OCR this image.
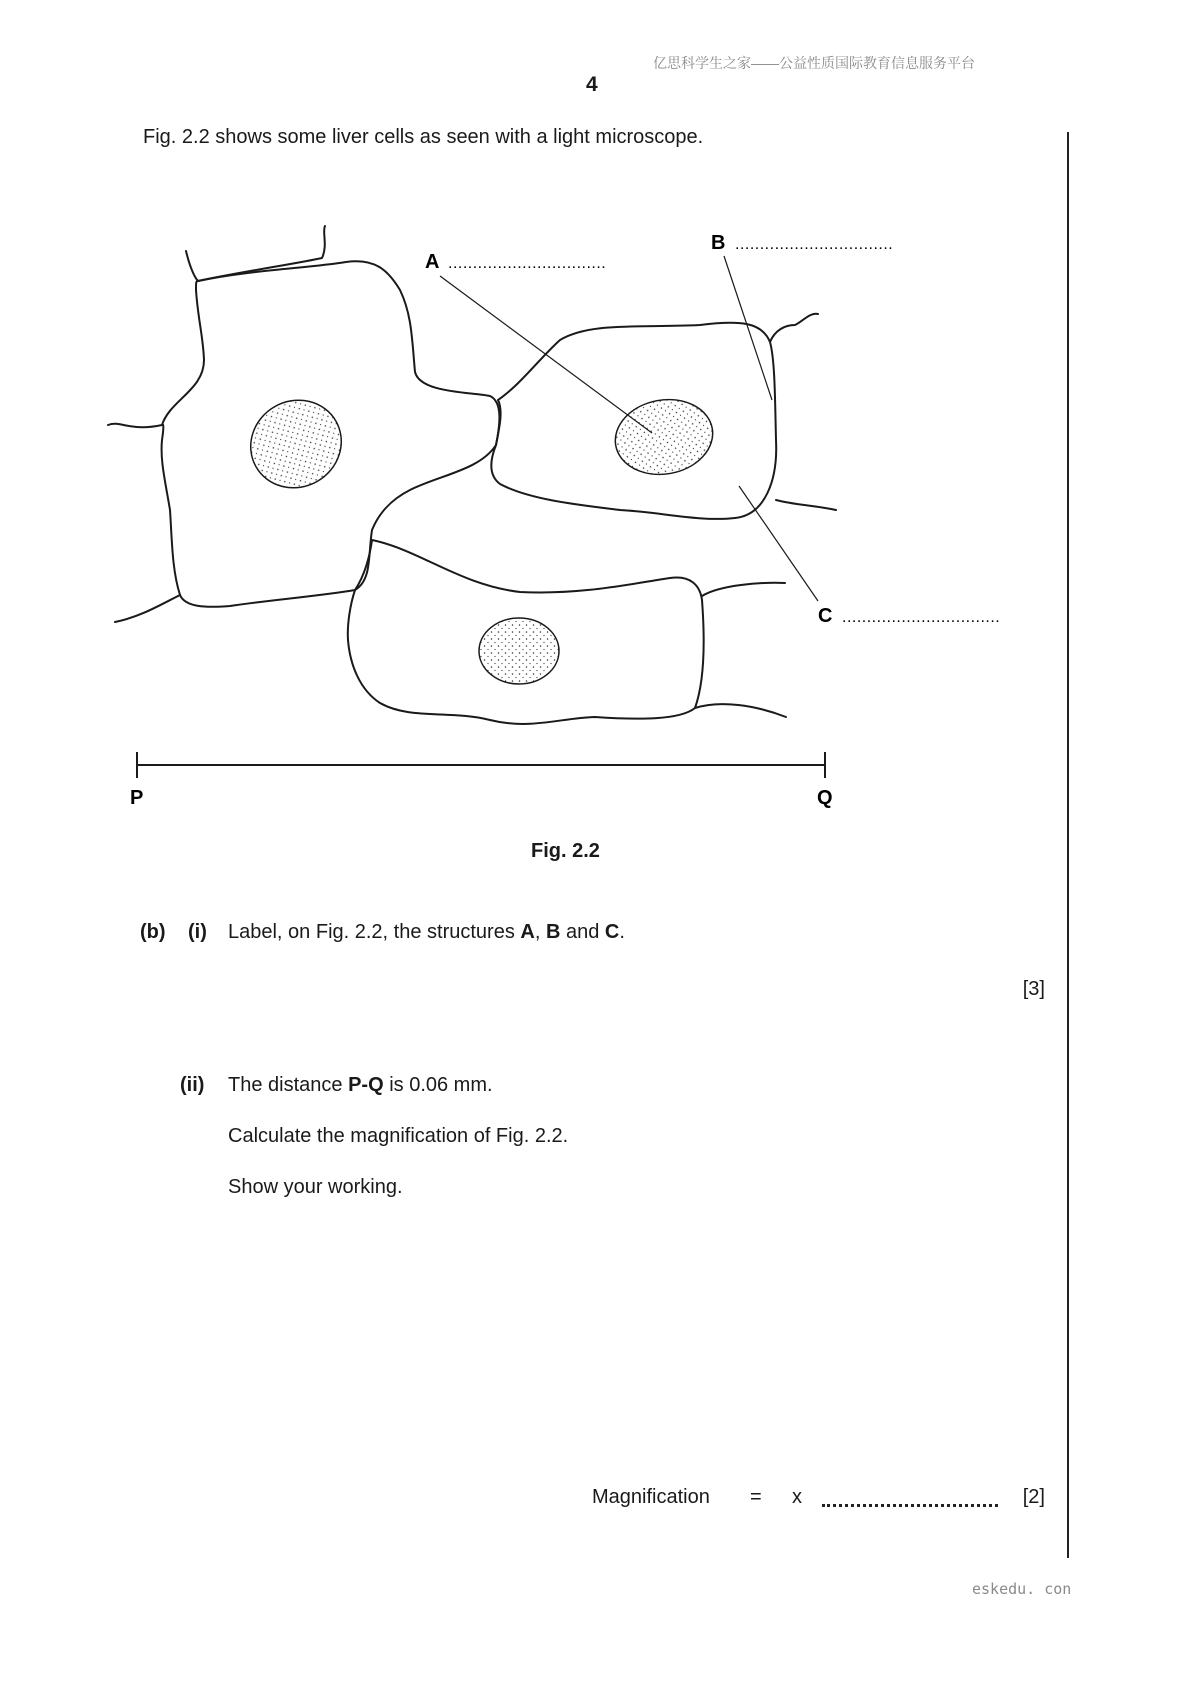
亿思科学生之家——公益性质国际教育信息服务平台
4
Fig. 2.2 shows some liver cells as seen with a light microscope.
A ................................
B ................................
C ................................
P	Q
Fig. 2.2
(b) (i) Label, on Fig. 2.2, the structures A, B and C.
[3]
(ii) The distance P-Q is 0.06 mm.
Calculate the magnification of Fig. 2.2.
Show your working.
Magnification = x	[2]
eskedu. con
